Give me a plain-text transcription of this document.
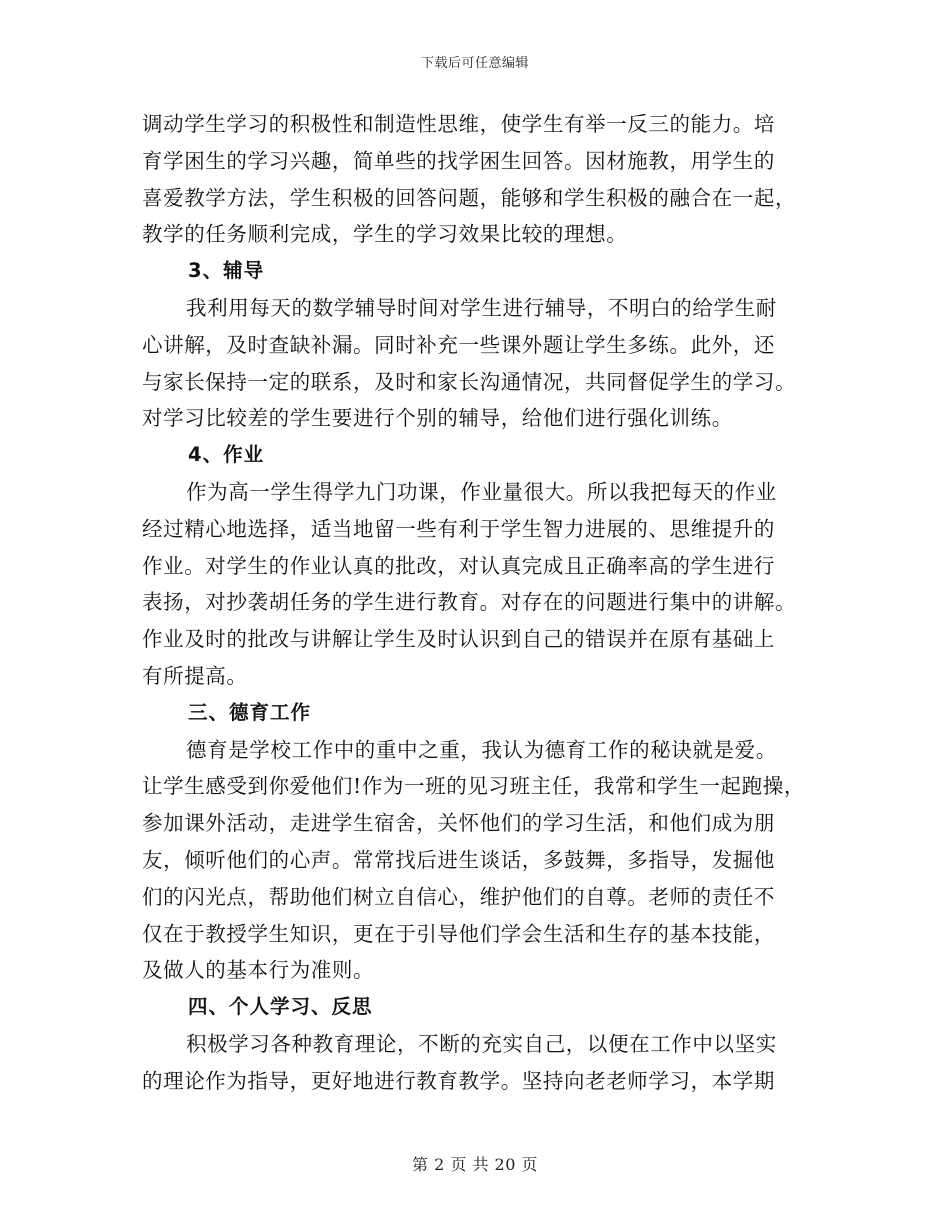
下载后可任意编辑
调动学生学习的积极性和制造性思维，使学生有举一反三的能力。培
育学困生的学习兴趣，简单些的找学困生回答。因材施教，用学生的
喜爱教学方法，学生积极的回答问题，能够和学生积极的融合在一起，
教学的任务顺利完成，学生的学习效果比较的理想。
3、辅导
我利用每天的数学辅导时间对学生进行辅导，不明白的给学生耐
心讲解，及时查缺补漏。同时补充一些课外题让学生多练。此外，还
与家长保持一定的联系，及时和家长沟通情况，共同督促学生的学习。
对学习比较差的学生要进行个别的辅导，给他们进行强化训练。
4、作业
作为高一学生得学九门功课，作业量很大。所以我把每天的作业
经过精心地选择，适当地留一些有利于学生智力进展的、思维提升的
作业。对学生的作业认真的批改，对认真完成且正确率高的学生进行
表扬，对抄袭胡任务的学生进行教育。对存在的问题进行集中的讲解。
作业及时的批改与讲解让学生及时认识到自己的错误并在原有基础上
有所提高。
三、德育工作
德育是学校工作中的重中之重，我认为德育工作的秘诀就是爱。
让学生感受到你爱他们!作为一班的见习班主任，我常和学生一起跑操，
参加课外活动，走进学生宿舍，关怀他们的学习生活，和他们成为朋
友，倾听他们的心声。常常找后进生谈话，多鼓舞，多指导，发掘他
们的闪光点，帮助他们树立自信心，维护他们的自尊。老师的责任不
仅在于教授学生知识，更在于引导他们学会生活和生存的基本技能，
及做人的基本行为准则。
四、个人学习、反思
积极学习各种教育理论，不断的充实自己，以便在工作中以坚实
的理论作为指导，更好地进行教育教学。坚持向老老师学习，本学期
第 2 页 共 20 页
